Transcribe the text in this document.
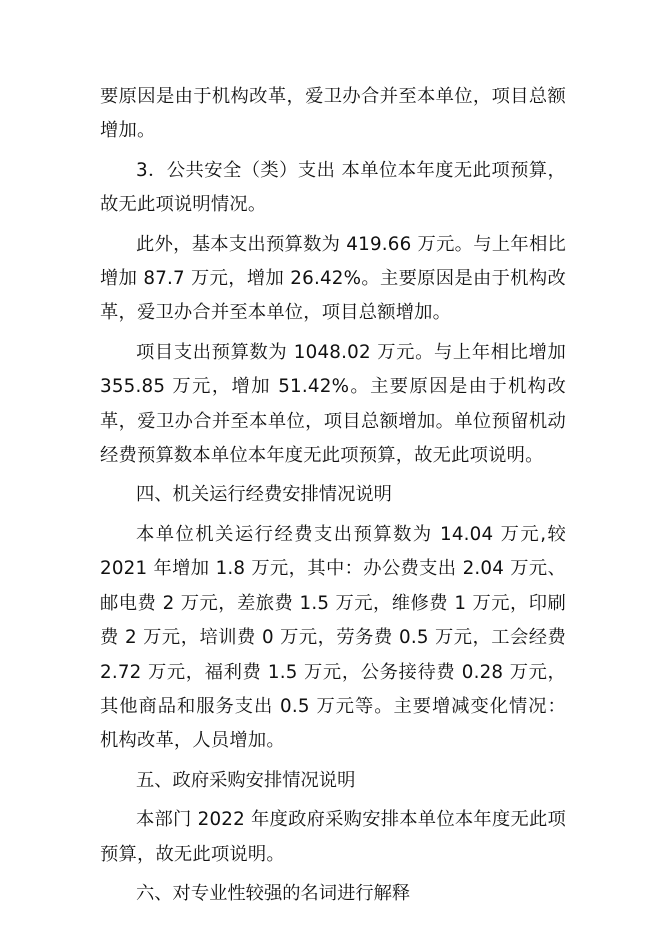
要原因是由于机构改革，爱卫办合并至本单位，项目总额增加。

3．公共安全（类）支出 本单位本年度无此项预算，故无此项说明情况。

此外，基本支出预算数为 419.66 万元。与上年相比增加 87.7 万元，增加 26.42%。主要原因是由于机构改革，爱卫办合并至本单位，项目总额增加。

项目支出预算数为 1048.02 万元。与上年相比增加 355.85 万元，增加 51.42%。主要原因是由于机构改革，爱卫办合并至本单位，项目总额增加。单位预留机动经费预算数本单位本年度无此项预算，故无此项说明。

四、机关运行经费安排情况说明

本单位机关运行经费支出预算数为 14.04 万元,较 2021 年增加 1.8 万元，其中：办公费支出 2.04 万元、邮电费 2 万元，差旅费 1.5 万元，维修费 1 万元，印刷费 2 万元，培训费 0 万元，劳务费 0.5 万元，工会经费 2.72 万元，福利费 1.5 万元，公务接待费 0.28 万元，其他商品和服务支出 0.5 万元等。主要增减变化情况：机构改革，人员增加。

五、政府采购安排情况说明

本部门 2022 年度政府采购安排本单位本年度无此项预算，故无此项说明。

六、对专业性较强的名词进行解释
